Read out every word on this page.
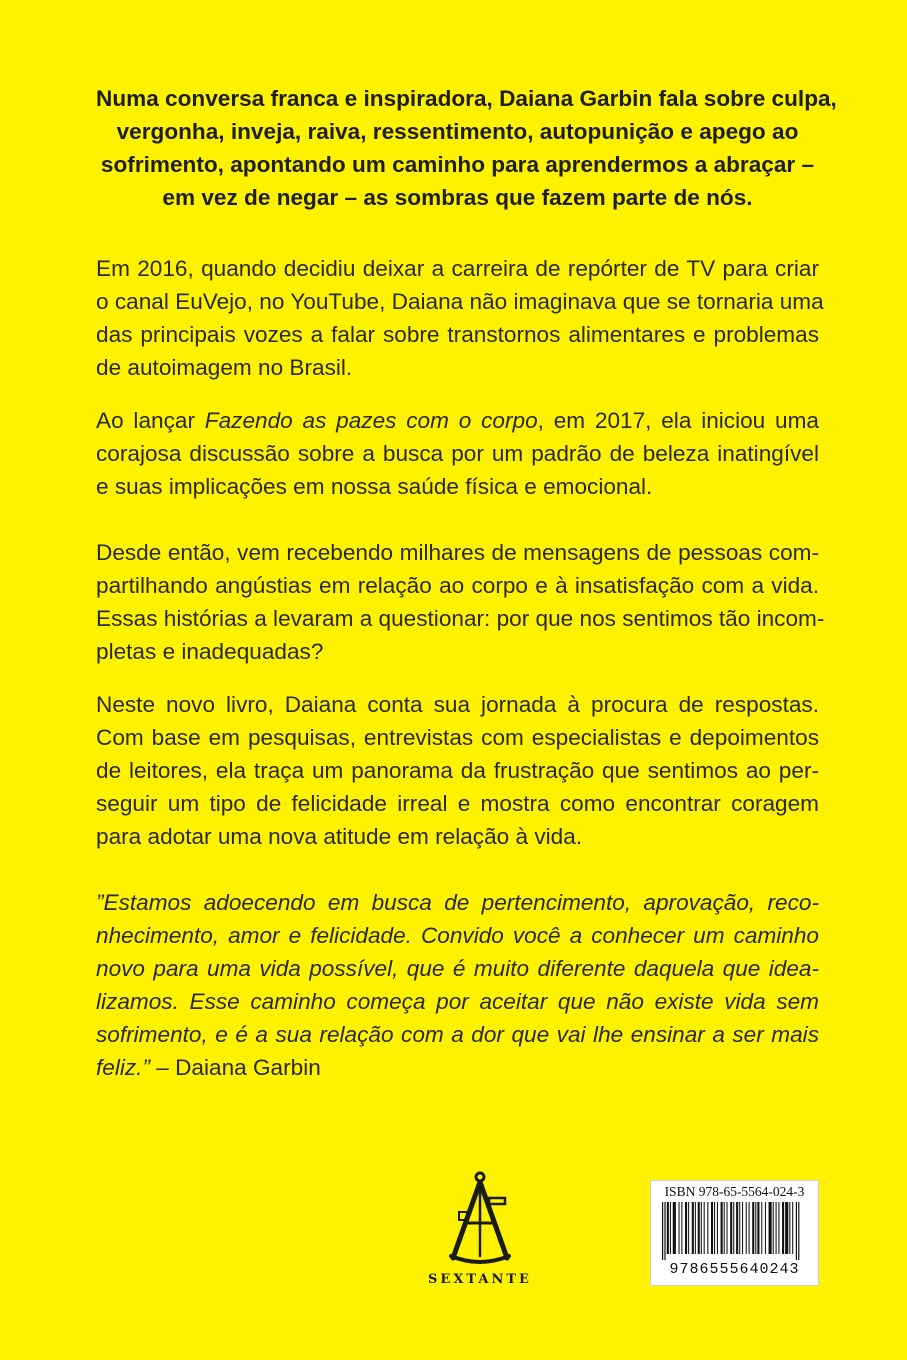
Numa conversa franca e inspiradora, Daiana Garbin fala sobre culpa,
vergonha, inveja, raiva, ressentimento, autopunição e apego ao
sofrimento, apontando um caminho para aprendermos a abraçar –
em vez de negar – as sombras que fazem parte de nós.
Em 2016, quando decidiu deixar a carreira de repórter de TV para criar
o canal EuVejo, no YouTube, Daiana não imaginava que se tornaria uma
das principais vozes a falar sobre transtornos alimentares e problemas
de autoimagem no Brasil.
Ao lançar Fazendo as pazes com o corpo, em 2017, ela iniciou uma
corajosa discussão sobre a busca por um padrão de beleza inatingível
e suas implicações em nossa saúde física e emocional.
Desde então, vem recebendo milhares de mensagens de pessoas com-
partilhando angústias em relação ao corpo e à insatisfação com a vida.
Essas histórias a levaram a questionar: por que nos sentimos tão incom-
pletas e inadequadas?
Neste novo livro, Daiana conta sua jornada à procura de respostas.
Com base em pesquisas, entrevistas com especialistas e depoimentos
de leitores, ela traça um panorama da frustração que sentimos ao per-
seguir um tipo de felicidade irreal e mostra como encontrar coragem
para adotar uma nova atitude em relação à vida.
”Estamos adoecendo em busca de pertencimento, aprovação, reco-
nhecimento, amor e felicidade. Convido você a conhecer um caminho
novo para uma vida possível, que é muito diferente daquela que idea-
lizamos. Esse caminho começa por aceitar que não existe vida sem
sofrimento, e é a sua relação com a dor que vai lhe ensinar a ser mais
feliz.” – Daiana Garbin
SEXTANTE
ISBN 978-65-5564-024-3
9786555640243
